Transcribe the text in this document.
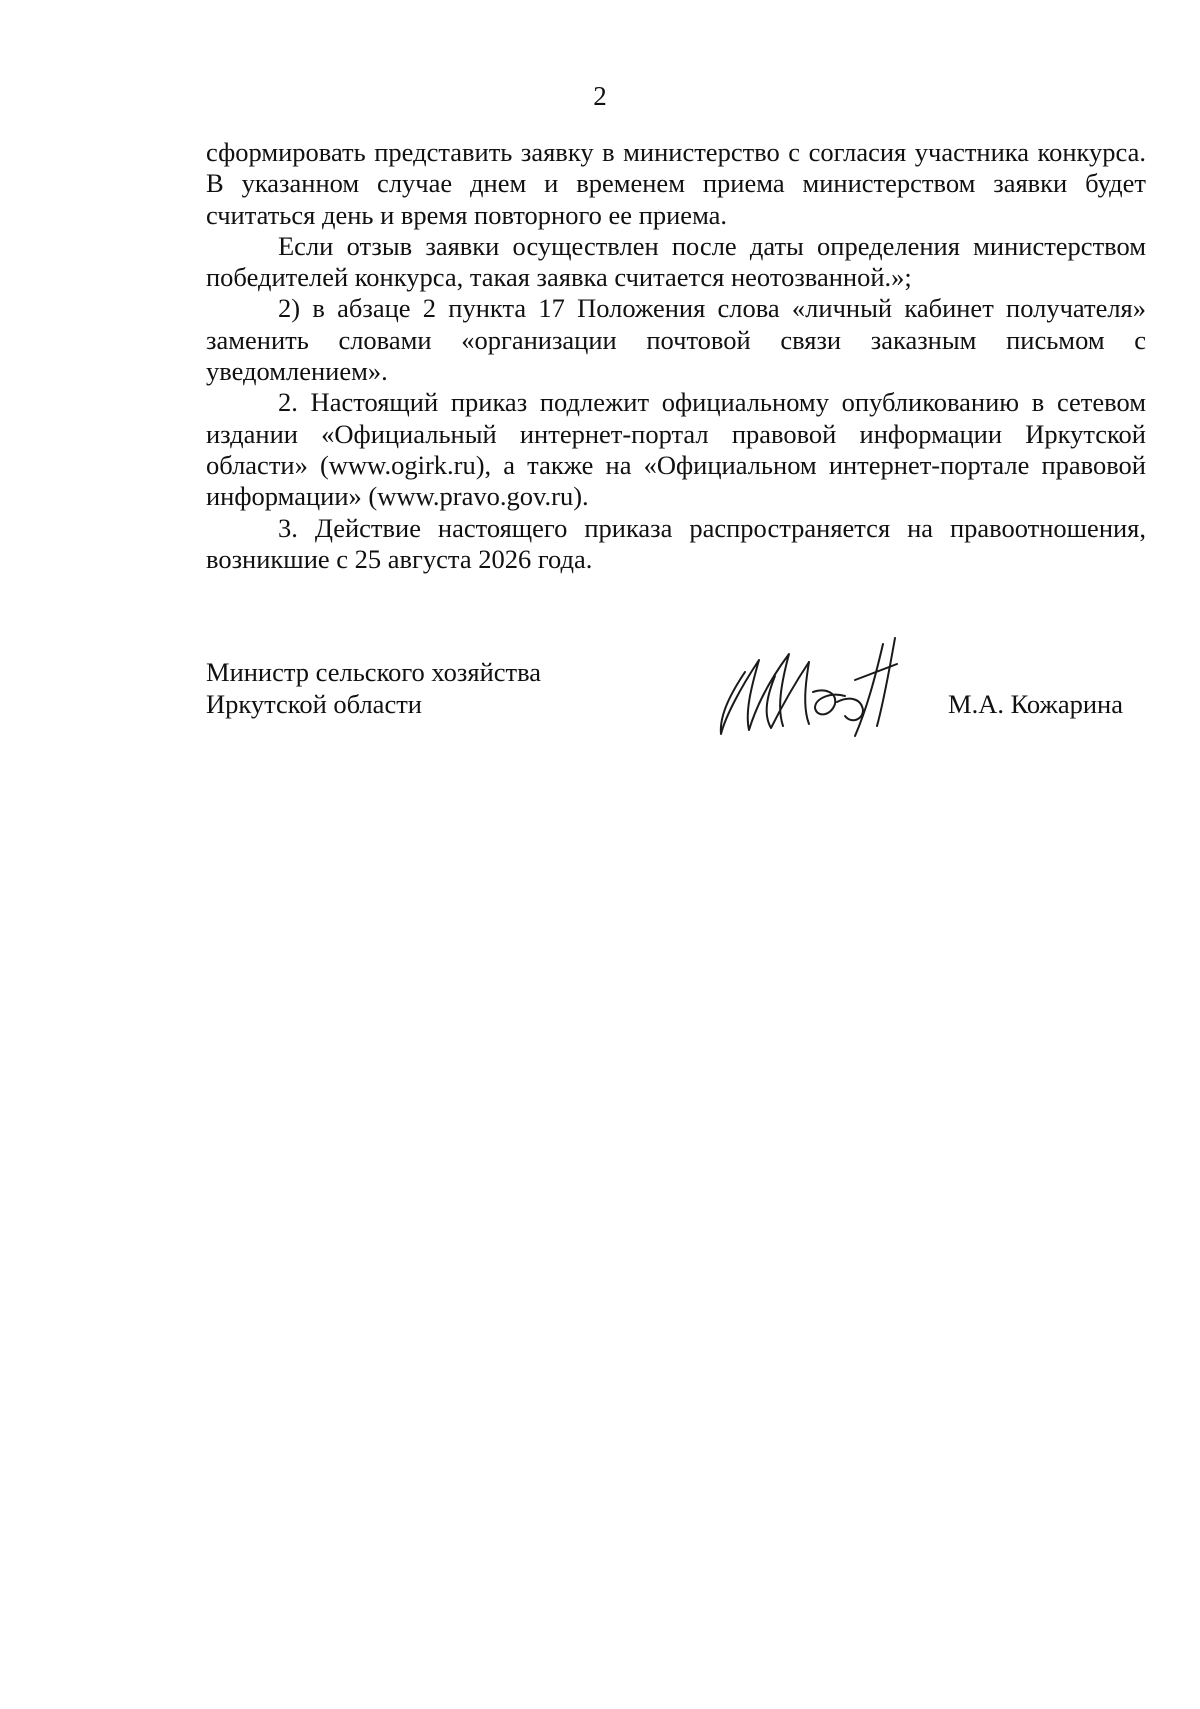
2

сформировать представить заявку в министерство с согласия участника конкурса. В указанном случае днем и временем приема министерством заявки будет считаться день и время повторного ее приема.

Если отзыв заявки осуществлен после даты определения министерством победителей конкурса, такая заявка считается неотозванной.»;

2) в абзаце 2 пункта 17 Положения слова «личный кабинет получателя» заменить словами «организации почтовой связи заказным письмом с уведомлением».

2. Настоящий приказ подлежит официальному опубликованию в сетевом издании «Официальный интернет-портал правовой информации Иркутской области» (www.ogirk.ru), а также на «Официальном интернет-портале правовой информации» (www.pravo.gov.ru).

3. Действие настоящего приказа распространяется на правоотношения, возникшие с 25 августа 2026 года.

Министр сельского хозяйства
Иркутской области	М.А. Кожарина
